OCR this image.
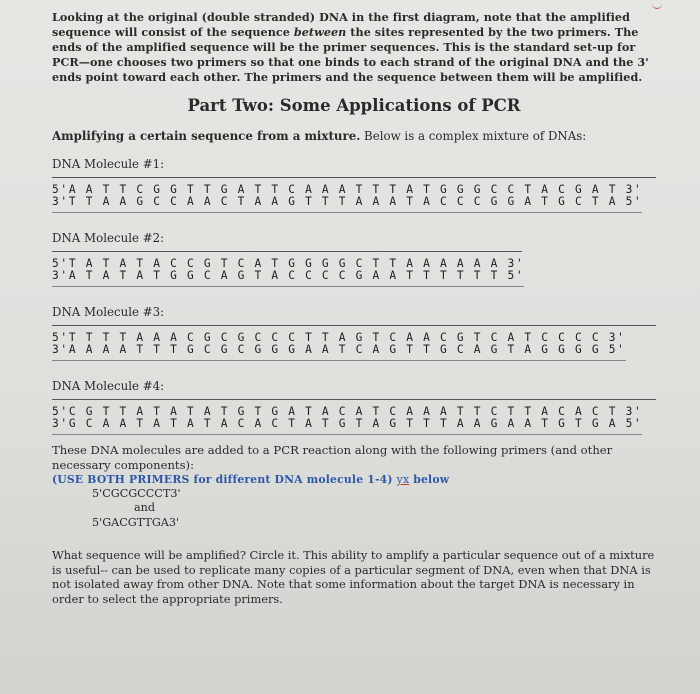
Looking at the original (double stranded) DNA in the first diagram, note that the amplified sequence will consist of the sequence between the sites represented by the two primers. The ends of the amplified sequence will be the primer sequences. This is the standard set-up for PCR—one chooses two primers so that one binds to each strand of the original DNA and the 3' ends point toward each other. The primers and the sequence between them will be amplified.

Part Two: Some Applications of PCR

Amplifying a certain sequence from a mixture. Below is a complex mixture of DNAs:

DNA Molecule #1:
5'A A T T C G G T T G A T T C A A A T T T A T G G G C C T A C G A T 3'
3'T T A A G C C A A C T A A G T T T A A A T A C C C G G A T G C T A 5'
DNA Molecule #2:
5'T A T A T A C C G T C A T G G G G C T T A A A A A A 3'
3'A T A T A T G G C A G T A C C C C G A A T T T T T T 5'
DNA Molecule #3:
5'T T T T A A A C G C G C C C T T A G T C A A C G T C A T C C C C 3'
3'A A A A T T T G C G C G G G A A T C A G T T G C A G T A G G G G 5'
DNA Molecule #4:
5'C G T T A T A T A T G T G A T A C A T C A A A T T C T T A C A C T 3'
3'G C A A T A T A T A C A C T A T G T A G T T T A A G A A T G T G A 5'

These DNA molecules are added to a PCR reaction along with the following primers (and other necessary components):

(USE BOTH PRIMERS for different DNA molecule 1-4) yx below

5'CGCGCCCT3'
and
5'GACGTTGA3'

What sequence will be amplified? Circle it. This ability to amplify a particular sequence out of a mixture is useful-- can be used to replicate many copies of a particular segment of DNA, even when that DNA is not isolated away from other DNA. Note that some information about the target DNA is necessary in order to select the appropriate primers.
